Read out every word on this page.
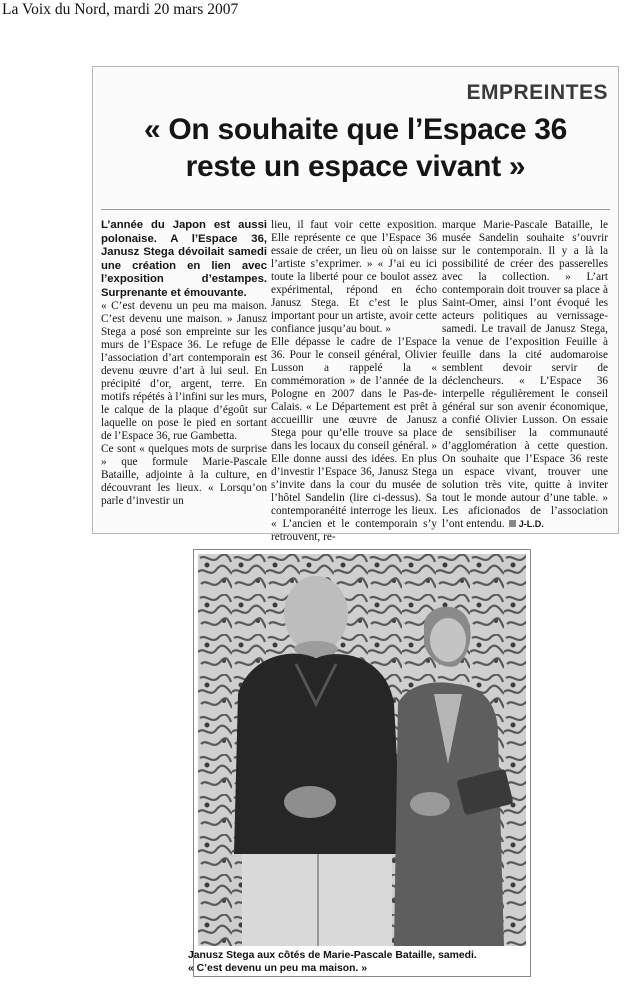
La Voix du Nord, mardi 20 mars 2007
EMPREINTES
« On souhaite que l’Espace 36
reste un espace vivant »

L’année du Japon est aussi polonaise. A l’Espace 36, Janusz Stega dévoilait samedi une création en lien avec l’exposition d’estampes. Surprenante et émouvante.

« C’est devenu un peu ma maison. C’est devenu une maison. » Janusz Stega a posé son empreinte sur les murs de l’Espace 36. Le refuge de l’association d’art contemporain est devenu œuvre d’art à lui seul. En précipité d’or, argent, terre. En motifs répétés à l’infini sur les murs, le calque de la plaque d’égoût sur laquelle on pose le pied en sortant de l’Espace 36, rue Gambetta.

Ce sont « quelques mots de surprise » que formule Marie-Pascale Bataille, adjointe à la culture, en découvrant les lieux. « Lorsqu’on parle d’investir un

lieu, il faut voir cette exposition. Elle représente ce que l’Espace 36 essaie de créer, un lieu où on laisse l’artiste s’exprimer. » « J’ai eu ici toute la liberté pour ce boulot assez expérimental, répond en écho Janusz Stega. Et c’est le plus important pour un artiste, avoir cette confiance jusqu’au bout. »

Elle dépasse le cadre de l’Espace 36. Pour le conseil général, Olivier Lusson a rappelé la « commémoration » de l’année de la Pologne en 2007 dans le Pas-de-Calais. « Le Département est prêt à accueillir une œuvre de Janusz Stega pour qu’elle trouve sa place dans les locaux du conseil général. » Elle donne aussi des idées. En plus d’investir l’Espace 36, Janusz Stega s’invite dans la cour du musée de l’hôtel Sandelin (lire ci-dessus). Sa contemporanéité interroge les lieux. « L’ancien et le contemporain s’y retrouvent, re-

marque Marie-Pascale Bataille, le musée Sandelin souhaite s’ouvrir sur le contemporain. Il y a là la possibilité de créer des passerelles avec la collection. » L’art contemporain doit trouver sa place à Saint-Omer, ainsi l’ont évoqué les acteurs politiques au vernissage-samedi. Le travail de Janusz Stega, la venue de l’exposition Feuille à feuille dans la cité audomaroise semblent devoir servir de déclencheurs. « L’Espace 36 interpelle régulièrement le conseil général sur son avenir économique, a confié Olivier Lusson. On essaie de sensibiliser la communauté d’agglomération à cette question. On souhaite que l’Espace 36 reste un espace vivant, trouver une solution très vite, quitte à inviter tout le monde autour d’une table. » Les aficionados de l’association l’ont entendu. J-L.D.

Janusz Stega aux côtés de Marie-Pascale Bataille, samedi.
« C’est devenu un peu ma maison. »
